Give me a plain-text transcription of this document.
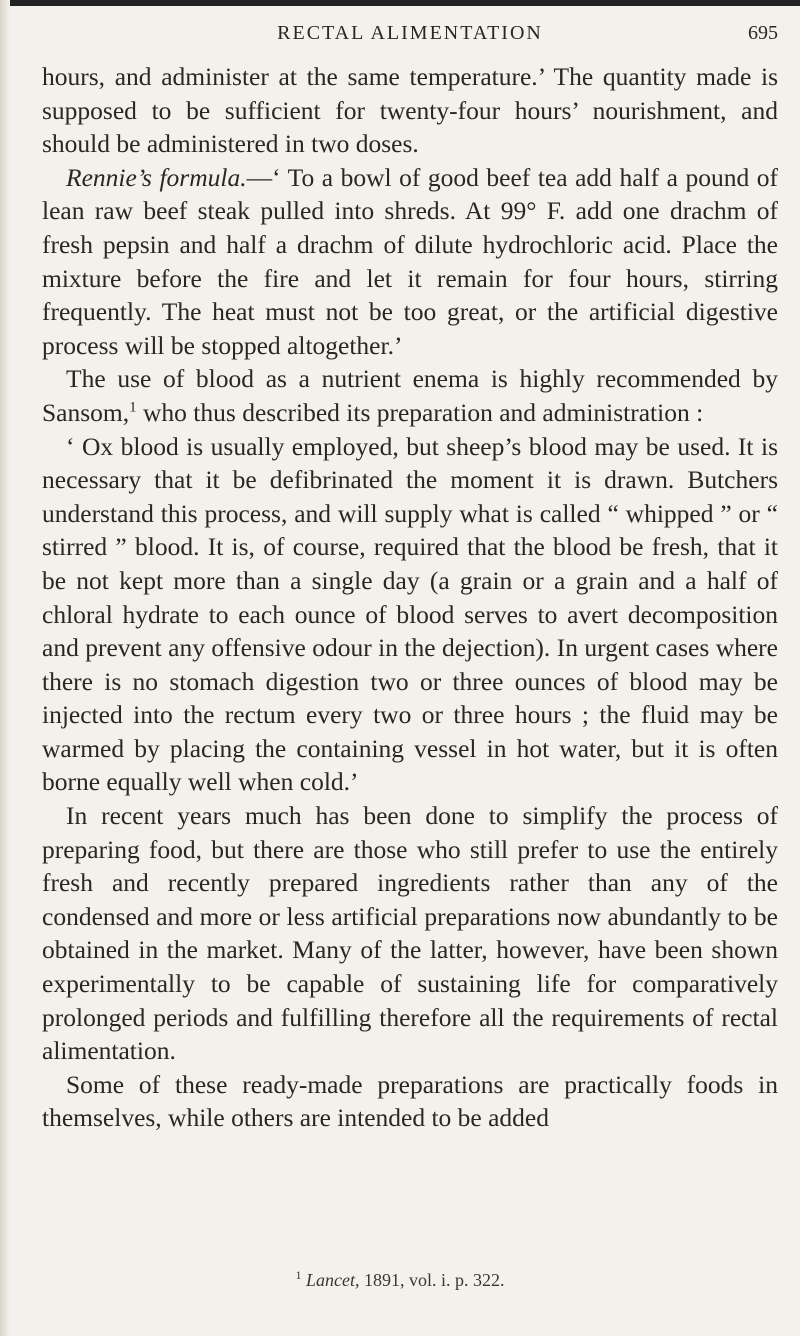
RECTAL ALIMENTATION	695

hours, and administer at the same temperature.’ The quantity made is supposed to be sufficient for twenty-four hours’ nourishment, and should be administered in two doses.

Rennie’s formula.—‘ To a bowl of good beef tea add half a pound of lean raw beef steak pulled into shreds. At 99° F. add one drachm of fresh pepsin and half a drachm of dilute hydrochloric acid. Place the mixture before the fire and let it remain for four hours, stirring frequently. The heat must not be too great, or the artificial digestive process will be stopped altogether.’

The use of blood as a nutrient enema is highly recommended by Sansom,$^1$ who thus described its preparation and administration :

‘ Ox blood is usually employed, but sheep’s blood may be used. It is necessary that it be defibrinated the moment it is drawn. Butchers understand this process, and will supply what is called “ whipped ” or “ stirred ” blood. It is, of course, required that the blood be fresh, that it be not kept more than a single day (a grain or a grain and a half of chloral hydrate to each ounce of blood serves to avert decomposition and prevent any offensive odour in the dejection). In urgent cases where there is no stomach digestion two or three ounces of blood may be injected into the rectum every two or three hours ; the fluid may be warmed by placing the containing vessel in hot water, but it is often borne equally well when cold.’

In recent years much has been done to simplify the process of preparing food, but there are those who still prefer to use the entirely fresh and recently prepared ingredients rather than any of the condensed and more or less artificial preparations now abundantly to be obtained in the market. Many of the latter, however, have been shown experimentally to be capable of sustaining life for comparatively prolonged periods and fulfilling therefore all the requirements of rectal alimentation.

Some of these ready-made preparations are practically foods in themselves, while others are intended to be added

$^1$ Lancet, 1891, vol. i. p. 322.
